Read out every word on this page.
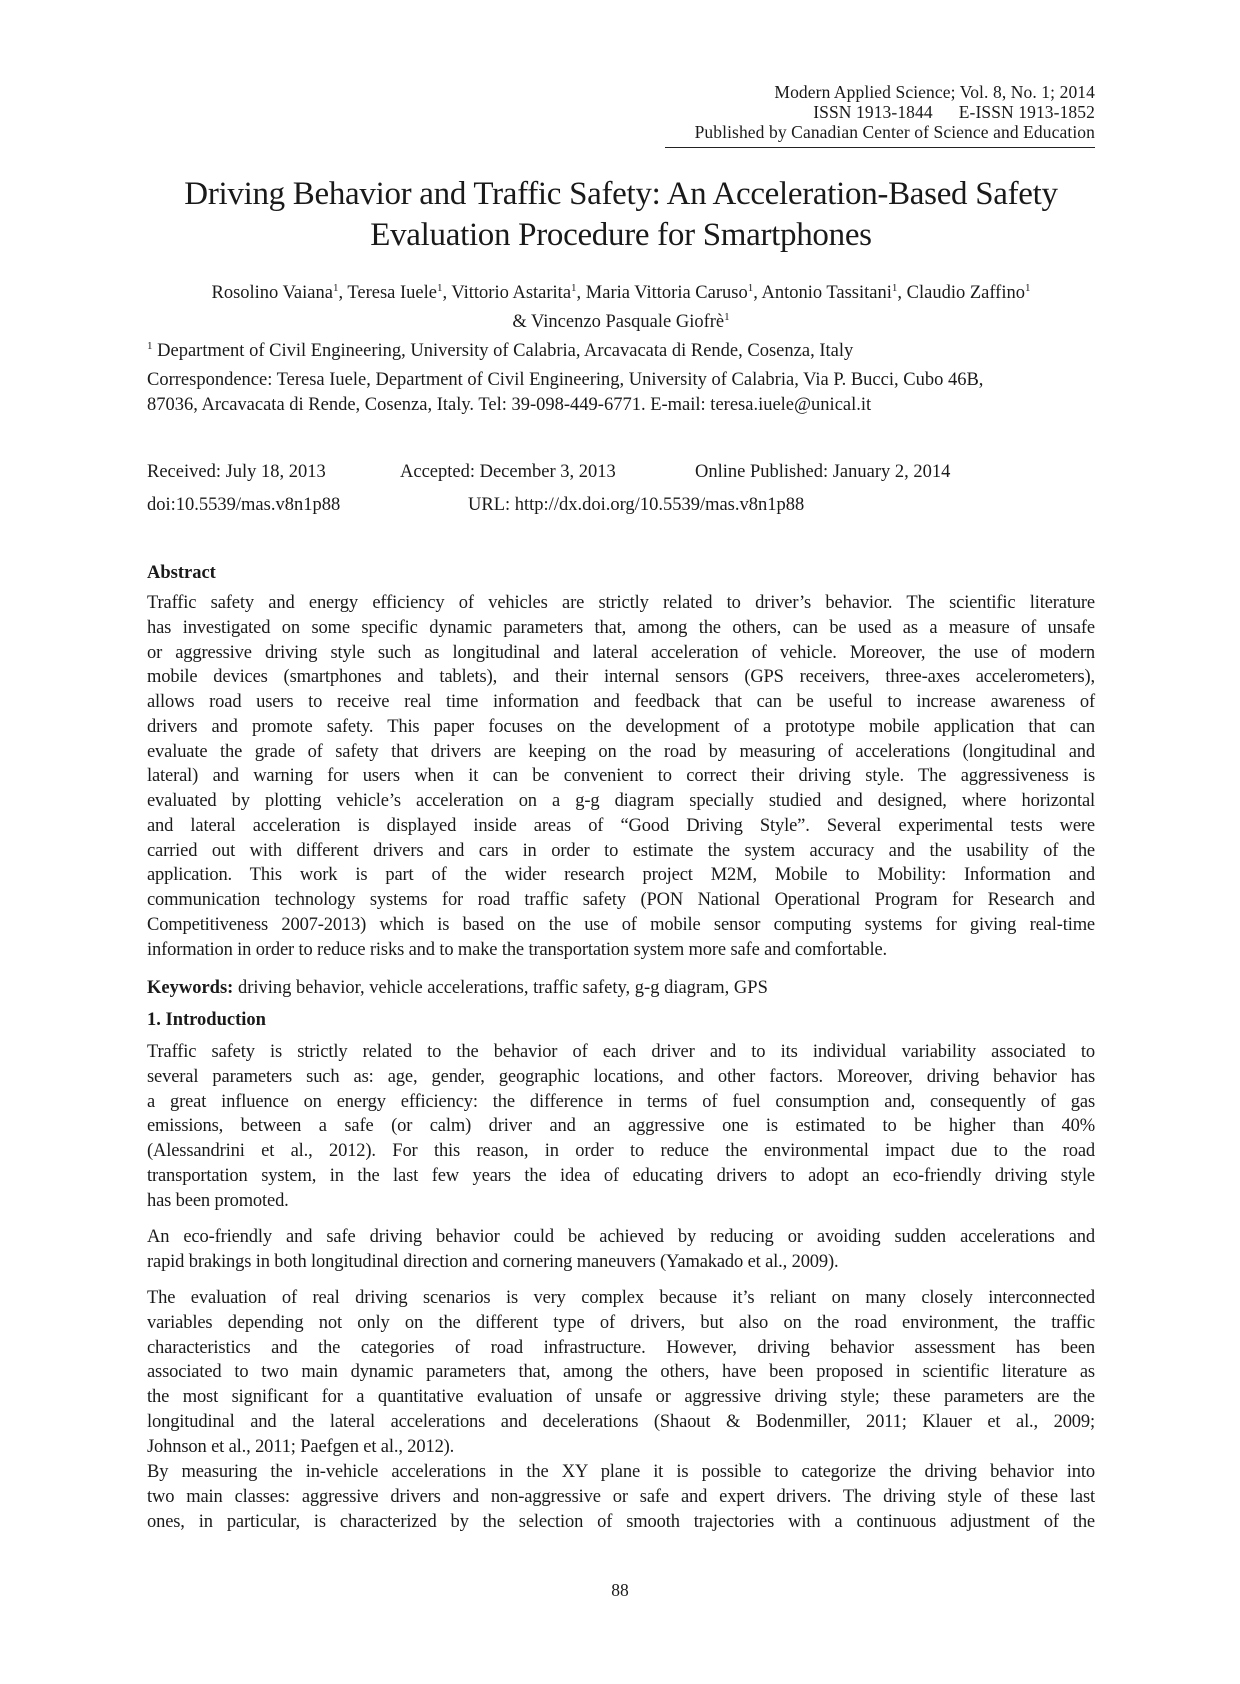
Modern Applied Science; Vol. 8, No. 1; 2014
ISSN 1913-1844 E-ISSN 1913-1852
Published by Canadian Center of Science and Education
Driving Behavior and Traffic Safety: An Acceleration-Based Safety
Evaluation Procedure for Smartphones
Rosolino Vaiana$^1$, Teresa Iuele$^1$, Vittorio Astarita$^1$, Maria Vittoria Caruso$^1$, Antonio Tassitani$^1$, Claudio Zaffino$^1$
& Vincenzo Pasquale Giofrè$^1$
$^1$ Department of Civil Engineering, University of Calabria, Arcavacata di Rende, Cosenza, Italy
Correspondence: Teresa Iuele, Department of Civil Engineering, University of Calabria, Via P. Bucci, Cubo 46B,
87036, Arcavacata di Rende, Cosenza, Italy. Tel: 39-098-449-6771. E-mail: teresa.iuele@unical.it
Received: July 18, 2013	Accepted: December 3, 2013	Online Published: January 2, 2014
doi:10.5539/mas.v8n1p88	URL: http://dx.doi.org/10.5539/mas.v8n1p88
Abstract
Traffic safety and energy efficiency of vehicles are strictly related to driver’s behavior. The scientific literature
has investigated on some specific dynamic parameters that, among the others, can be used as a measure of unsafe
or aggressive driving style such as longitudinal and lateral acceleration of vehicle. Moreover, the use of modern
mobile devices (smartphones and tablets), and their internal sensors (GPS receivers, three-axes accelerometers),
allows road users to receive real time information and feedback that can be useful to increase awareness of
drivers and promote safety. This paper focuses on the development of a prototype mobile application that can
evaluate the grade of safety that drivers are keeping on the road by measuring of accelerations (longitudinal and
lateral) and warning for users when it can be convenient to correct their driving style. The aggressiveness is
evaluated by plotting vehicle’s acceleration on a g-g diagram specially studied and designed, where horizontal
and lateral acceleration is displayed inside areas of “Good Driving Style”. Several experimental tests were
carried out with different drivers and cars in order to estimate the system accuracy and the usability of the
application. This work is part of the wider research project M2M, Mobile to Mobility: Information and
communication technology systems for road traffic safety (PON National Operational Program for Research and
Competitiveness 2007-2013) which is based on the use of mobile sensor computing systems for giving real-time
information in order to reduce risks and to make the transportation system more safe and comfortable.
Keywords: driving behavior, vehicle accelerations, traffic safety, g-g diagram, GPS
1. Introduction
Traffic safety is strictly related to the behavior of each driver and to its individual variability associated to
several parameters such as: age, gender, geographic locations, and other factors. Moreover, driving behavior has
a great influence on energy efficiency: the difference in terms of fuel consumption and, consequently of gas
emissions, between a safe (or calm) driver and an aggressive one is estimated to be higher than 40%
(Alessandrini et al., 2012). For this reason, in order to reduce the environmental impact due to the road
transportation system, in the last few years the idea of educating drivers to adopt an eco-friendly driving style
has been promoted.
An eco-friendly and safe driving behavior could be achieved by reducing or avoiding sudden accelerations and
rapid brakings in both longitudinal direction and cornering maneuvers (Yamakado et al., 2009).
The evaluation of real driving scenarios is very complex because it’s reliant on many closely interconnected
variables depending not only on the different type of drivers, but also on the road environment, the traffic
characteristics and the categories of road infrastructure. However, driving behavior assessment has been
associated to two main dynamic parameters that, among the others, have been proposed in scientific literature as
the most significant for a quantitative evaluation of unsafe or aggressive driving style; these parameters are the
longitudinal and the lateral accelerations and decelerations (Shaout & Bodenmiller, 2011; Klauer et al., 2009;
Johnson et al., 2011; Paefgen et al., 2012).
By measuring the in-vehicle accelerations in the XY plane it is possible to categorize the driving behavior into
two main classes: aggressive drivers and non-aggressive or safe and expert drivers. The driving style of these last
ones, in particular, is characterized by the selection of smooth trajectories with a continuous adjustment of the
88
